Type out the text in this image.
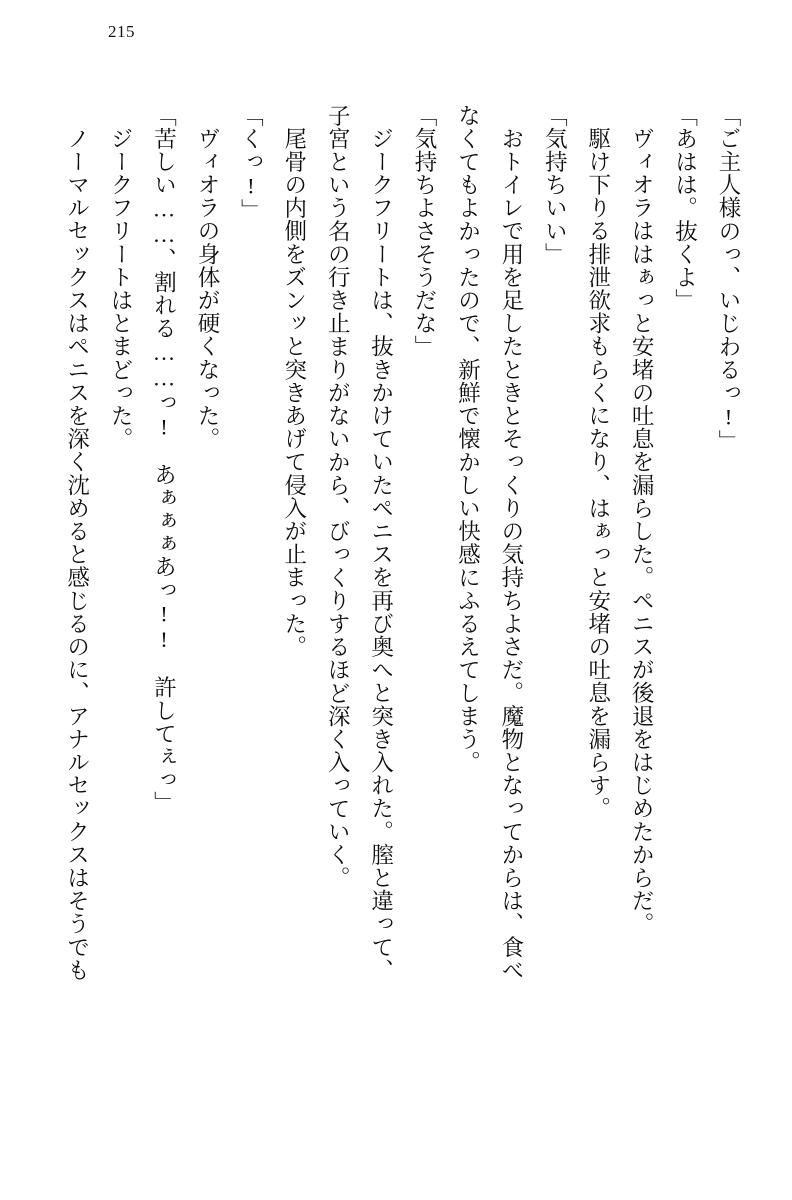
215

「ご主人様のっ、いじわるっ!」

「あはは。抜くよ」

ヴィオラははぁっと安堵の吐息を漏らした。ペニスが後退をはじめたからだ。

駆け下りる排泄欲求もらくになり、はぁっと安堵の吐息を漏らす。

「気持ちいい」

おトイレで用を足したときとそっくりの気持ちよさだ。魔物となってからは、食べ

なくてもよかったので、新鮮で懐かしい快感にふるえてしまう。

「気持ちよさそうだな」

ジークフリートは、抜きかけていたペニスを再び奥へと突き入れた。膣と違って、

子宮という名の行き止まりがないから、びっくりするほど深く入っていく。

尾骨の内側をズンッと突きあげて侵入が止まった。

「くっ!」

ヴィオラの身体が硬くなった。

「苦しい……、割れる……っ!　あぁぁぁあっ!!　許してぇっ」

ジークフリートはとまどった。

ノーマルセックスはペニスを深く沈めると感じるのに、アナルセックスはそうでも
